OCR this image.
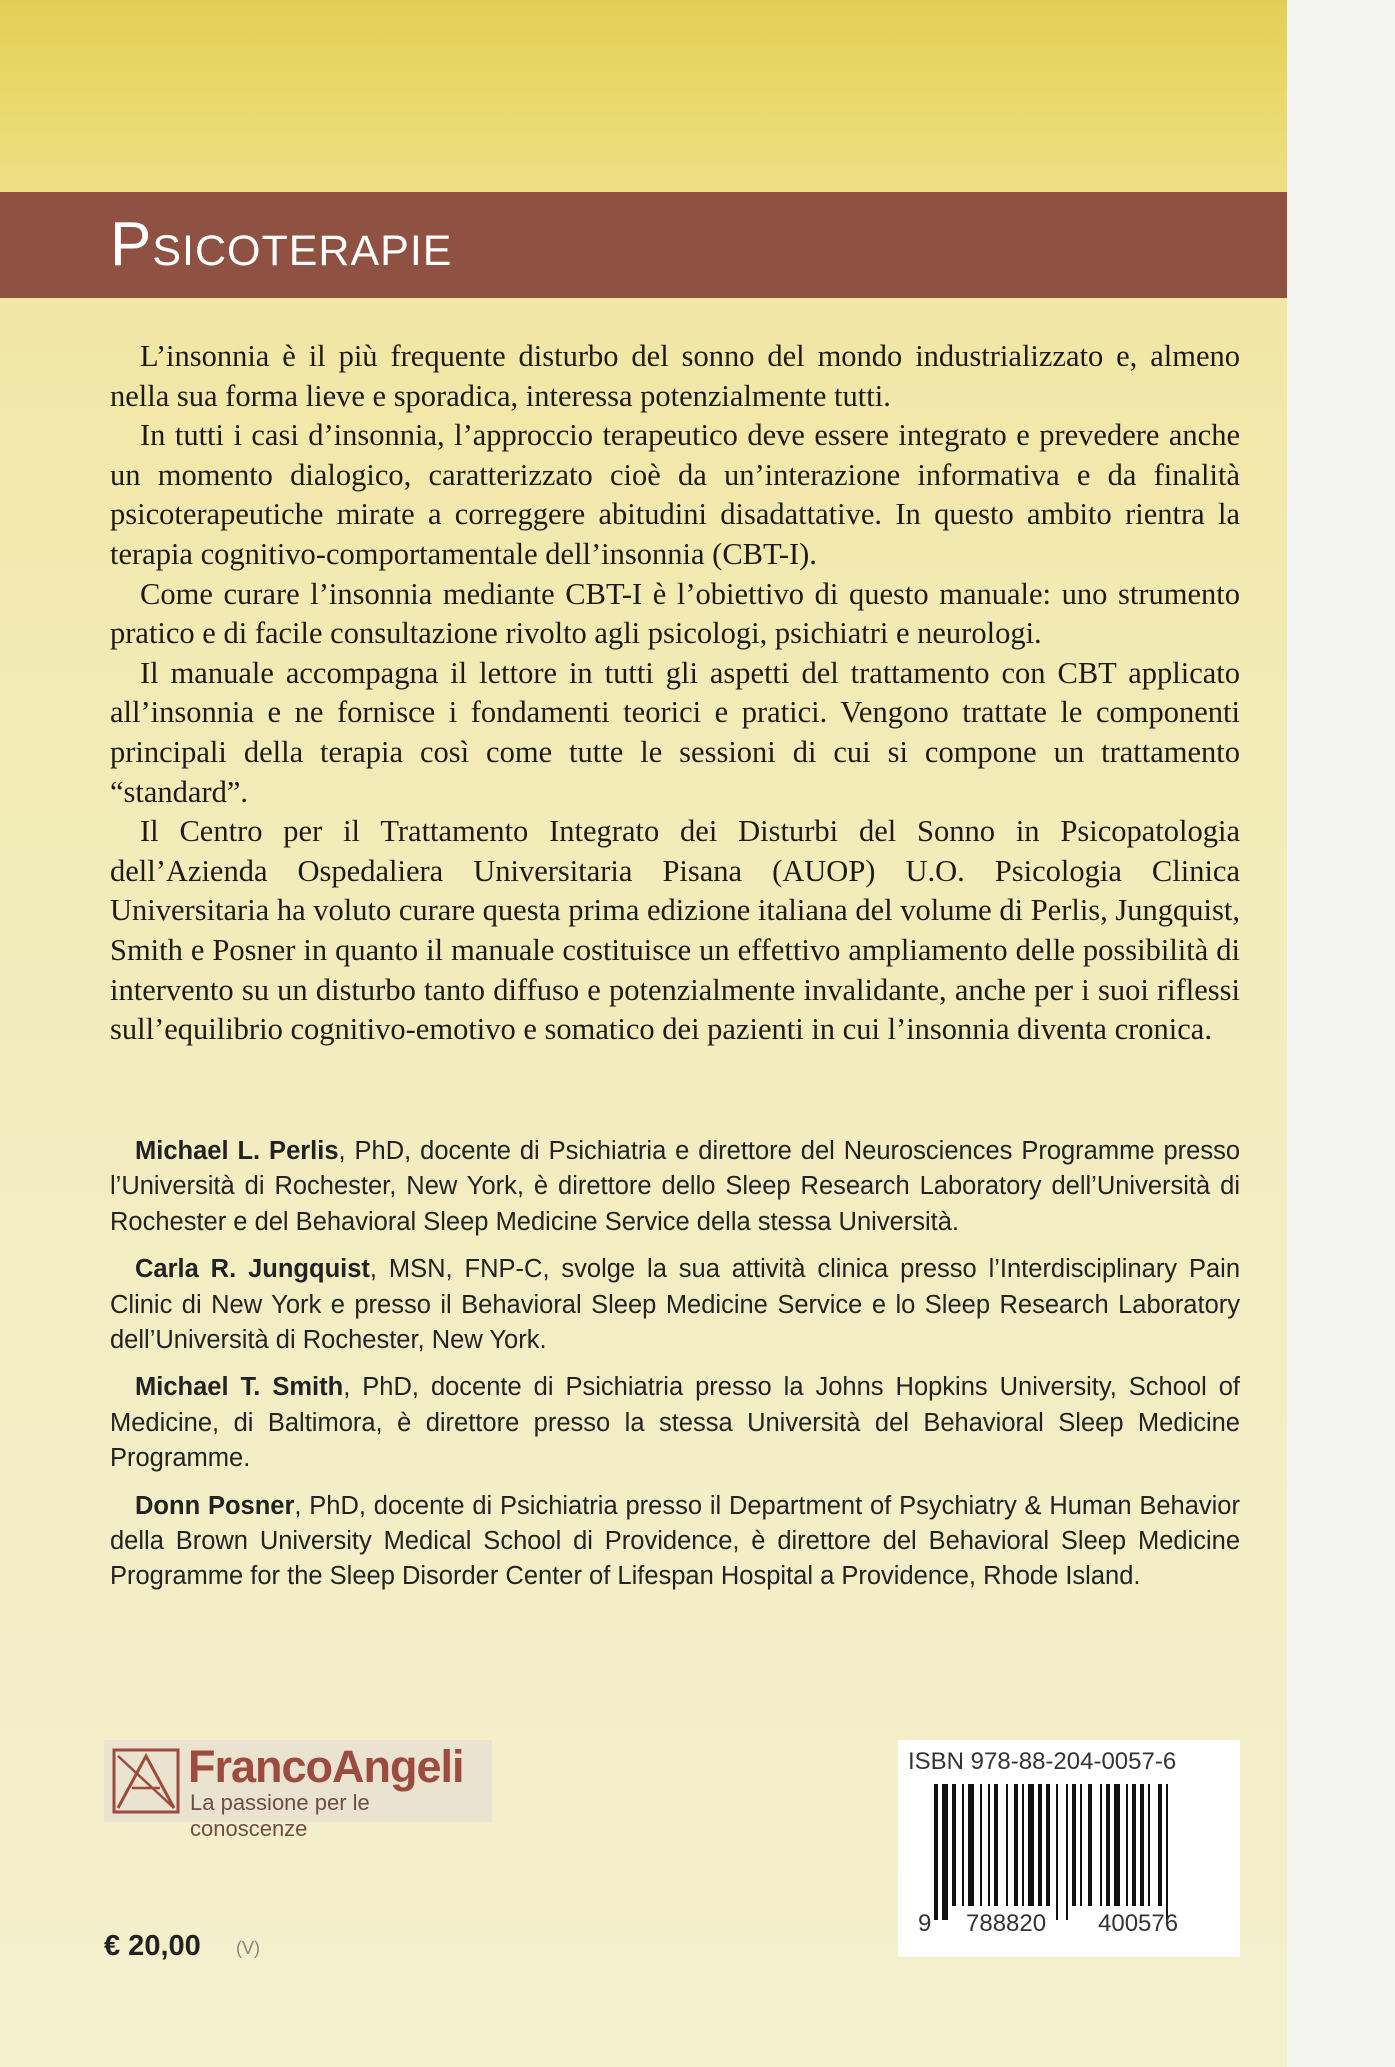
Psicoterapie

L’insonnia è il più frequente disturbo del sonno del mondo industrializzato e, almeno nella sua forma lieve e sporadica, interessa potenzialmente tutti.

In tutti i casi d’insonnia, l’approccio terapeutico deve essere integrato e prevedere anche un momento dialogico, caratterizzato cioè da un’interazione informativa e da finalità psicoterapeutiche mirate a correggere abitudini disadattative. In questo ambito rientra la terapia cognitivo-comportamentale dell’insonnia (CBT-I).

Come curare l’insonnia mediante CBT-I è l’obiettivo di questo manuale: uno strumento pratico e di facile consultazione rivolto agli psicologi, psichiatri e neurologi.

Il manuale accompagna il lettore in tutti gli aspetti del trattamento con CBT applicato all’insonnia e ne fornisce i fondamenti teorici e pratici. Vengono trattate le componenti principali della terapia così come tutte le sessioni di cui si compone un trattamento “standard”.

Il Centro per il Trattamento Integrato dei Disturbi del Sonno in Psicopatologia dell’Azienda Ospedaliera Universitaria Pisana (AUOP) U.O. Psicologia Clinica Universitaria ha voluto curare questa prima edizione italiana del volume di Perlis, Jungquist, Smith e Posner in quanto il manuale costituisce un effettivo ampliamento delle possibilità di intervento su un disturbo tanto diffuso e potenzialmente invalidante, anche per i suoi riflessi sull’equilibrio cognitivo-emotivo e somatico dei pazienti in cui l’insonnia diventa cronica.

Michael L. Perlis, PhD, docente di Psichiatria e direttore del Neurosciences Programme presso l’Università di Rochester, New York, è direttore dello Sleep Research Laboratory dell’Università di Rochester e del Behavioral Sleep Medicine Service della stessa Università.

Carla R. Jungquist, MSN, FNP-C, svolge la sua attività clinica presso l’Interdisciplinary Pain Clinic di New York e presso il Behavioral Sleep Medicine Service e lo Sleep Research Laboratory dell’Università di Rochester, New York.

Michael T. Smith, PhD, docente di Psichiatria presso la Johns Hopkins University, School of Medicine, di Baltimora, è direttore presso la stessa Università del Behavioral Sleep Medicine Programme.

Donn Posner, PhD, docente di Psichiatria presso il Department of Psychiatry & Human Behavior della Brown University Medical School di Providence, è direttore del Behavioral Sleep Medicine Programme for the Sleep Disorder Center of Lifespan Hospital a Providence, Rhode Island.

FrancoAngeli
La passione per le conoscenze
€ 20,00 (V)
ISBN 978-88-204-0057-6
9 788820 400576
